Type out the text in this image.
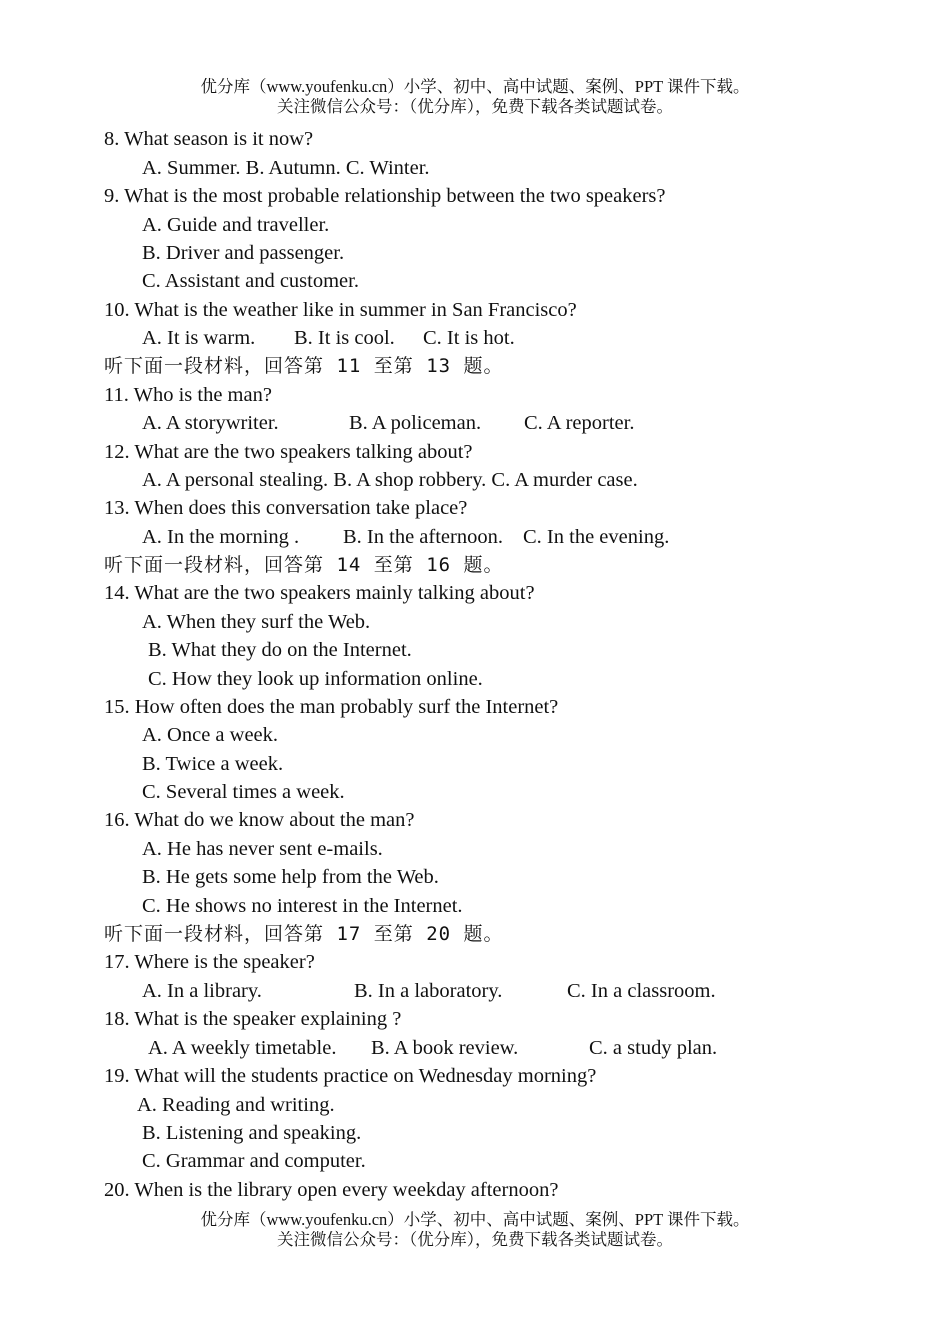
优分库（www.youfenku.cn）小学、初中、高中试题、案例、PPT 课件下载。
关注微信公众号：（优分库），免费下载各类试题试卷。
8. What season is it now?
A. Summer. B. Autumn. C. Winter.
9. What is the most probable relationship between the two speakers?
A. Guide and traveller.
B. Driver and passenger.
C. Assistant and customer.
10. What is the weather like in summer in San Francisco?
A. It is warm. B. It is cool. C. It is hot.
听下面一段材料，回答第 11 至第 13 题。
11. Who is the man?
A. A storywriter.	B. A policeman. C. A reporter.
12. What are the two speakers talking about?
A. A personal stealing. B. A shop robbery. C. A murder case.
13. When does this conversation take place?
A. In the morning . B. In the afternoon. C. In the evening.
听下面一段材料，回答第 14 至第 16 题。
14. What are the two speakers mainly talking about?
A. When they surf the Web.
B. What they do on the Internet.
C. How they look up information online.
15. How often does the man probably surf the Internet?
A. Once a week.
B. Twice a week.
C. Several times a week.
16. What do we know about the man?
A. He has never sent e-mails.
B. He gets some help from the Web.
C. He shows no interest in the Internet.
听下面一段材料，回答第 17 至第 20 题。
17. Where is the speaker?
A. In a library.	B. In a laboratory.	C. In a classroom.
18. What is the speaker explaining ?
A. A weekly timetable. B. A book review.	C. a study plan.
19. What will the students practice on Wednesday morning?
A. Reading and writing.
B. Listening and speaking.
C. Grammar and computer.
20. When is the library open every weekday afternoon?
优分库（www.youfenku.cn）小学、初中、高中试题、案例、PPT 课件下载。
关注微信公众号：（优分库），免费下载各类试题试卷。
